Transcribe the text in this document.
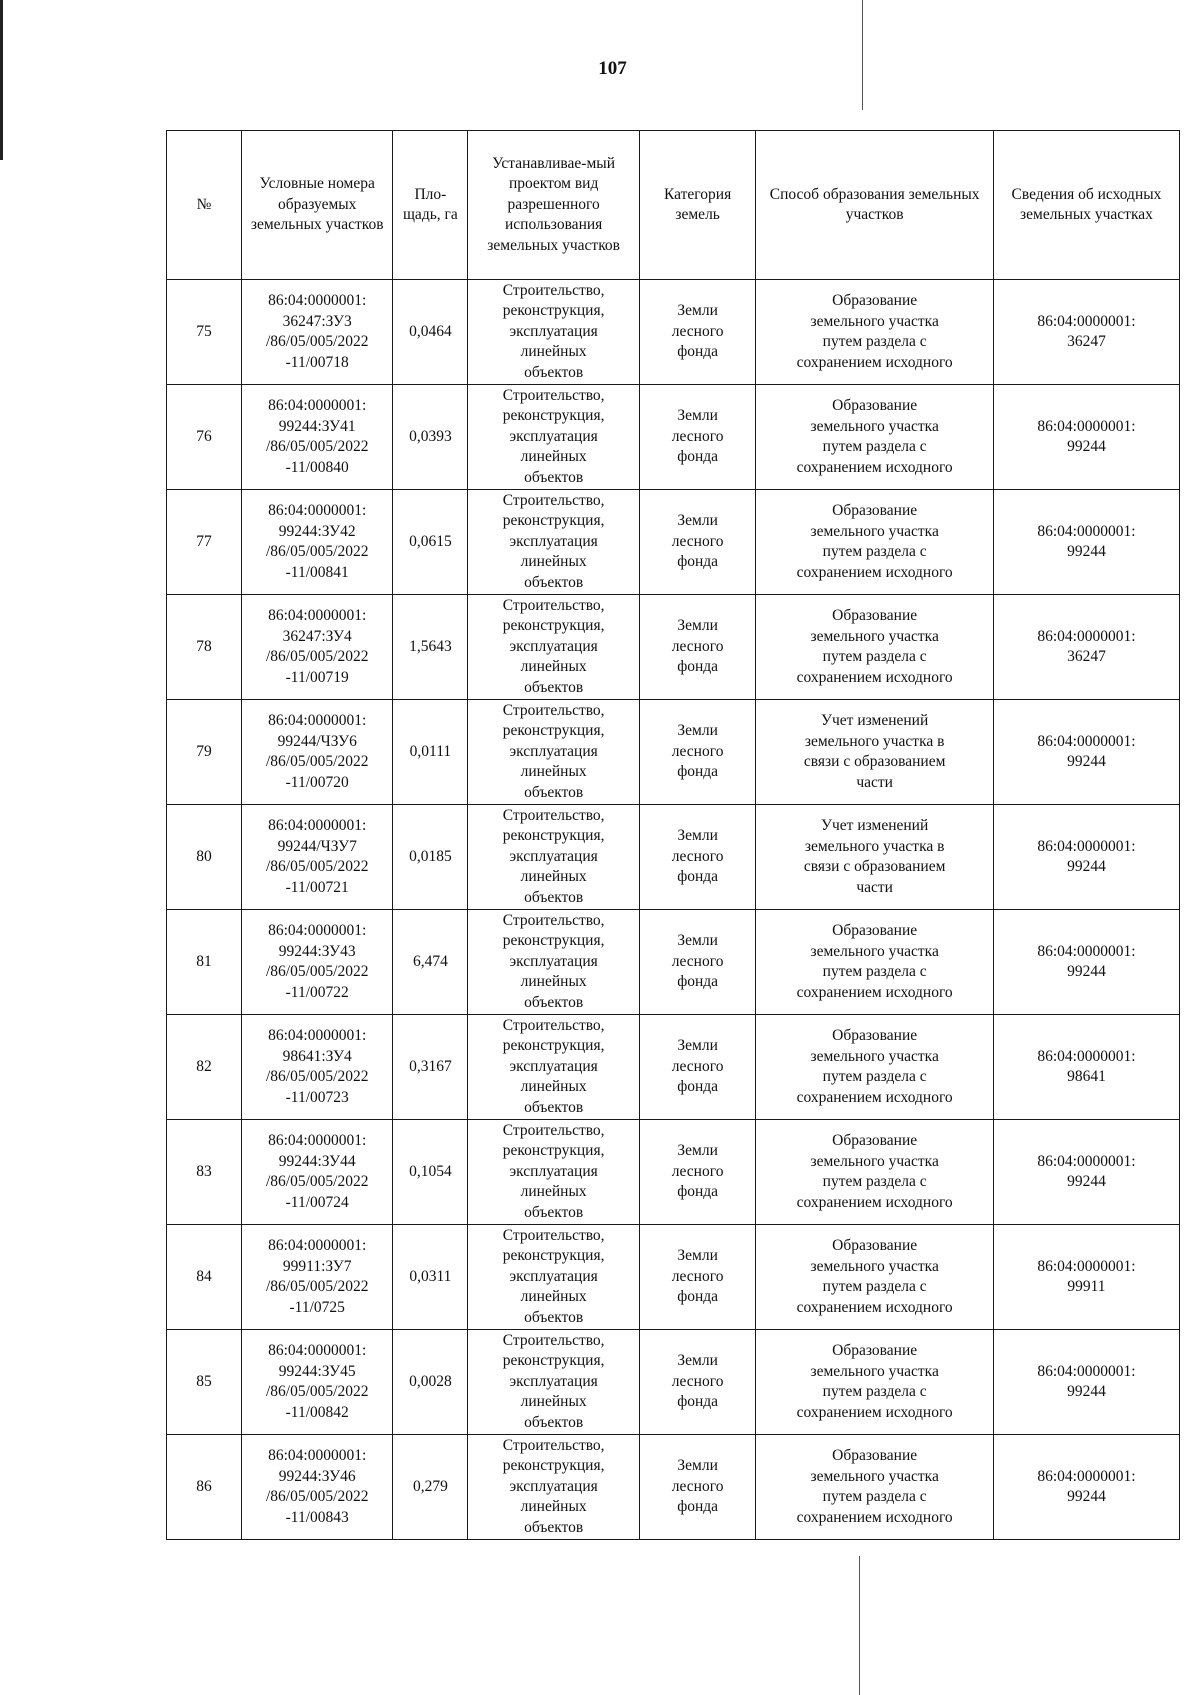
107
№	Условные номера образуемых земельных участков	Пло-щадь, га	Устанавливае-мый проектом вид разрешенного использования земельных участков	Категория земель	Способ образования земельных участков	Сведения об исходных земельных участках
75	86:04:0000001:
36247:ЗУ3
/86/05/005/2022
-11/00718	0,0464	Строительство,
реконструкция,
эксплуатация
линейных
объектов	Земли
лесного
фонда	Образование
земельного участка
путем раздела с
сохранением исходного	86:04:0000001:
36247
76	86:04:0000001:
99244:ЗУ41
/86/05/005/2022
-11/00840	0,0393	Строительство,
реконструкция,
эксплуатация
линейных
объектов	Земли
лесного
фонда	Образование
земельного участка
путем раздела с
сохранением исходного	86:04:0000001:
99244
77	86:04:0000001:
99244:ЗУ42
/86/05/005/2022
-11/00841	0,0615	Строительство,
реконструкция,
эксплуатация
линейных
объектов	Земли
лесного
фонда	Образование
земельного участка
путем раздела с
сохранением исходного	86:04:0000001:
99244
78	86:04:0000001:
36247:ЗУ4
/86/05/005/2022
-11/00719	1,5643	Строительство,
реконструкция,
эксплуатация
линейных
объектов	Земли
лесного
фонда	Образование
земельного участка
путем раздела с
сохранением исходного	86:04:0000001:
36247
79	86:04:0000001:
99244/ЧЗУ6
/86/05/005/2022
-11/00720	0,0111	Строительство,
реконструкция,
эксплуатация
линейных
объектов	Земли
лесного
фонда	Учет изменений
земельного участка в
связи с образованием
части	86:04:0000001:
99244
80	86:04:0000001:
99244/ЧЗУ7
/86/05/005/2022
-11/00721	0,0185	Строительство,
реконструкция,
эксплуатация
линейных
объектов	Земли
лесного
фонда	Учет изменений
земельного участка в
связи с образованием
части	86:04:0000001:
99244
81	86:04:0000001:
99244:ЗУ43
/86/05/005/2022
-11/00722	6,474	Строительство,
реконструкция,
эксплуатация
линейных
объектов	Земли
лесного
фонда	Образование
земельного участка
путем раздела с
сохранением исходного	86:04:0000001:
99244
82	86:04:0000001:
98641:ЗУ4
/86/05/005/2022
-11/00723	0,3167	Строительство,
реконструкция,
эксплуатация
линейных
объектов	Земли
лесного
фонда	Образование
земельного участка
путем раздела с
сохранением исходного	86:04:0000001:
98641
83	86:04:0000001:
99244:ЗУ44
/86/05/005/2022
-11/00724	0,1054	Строительство,
реконструкция,
эксплуатация
линейных
объектов	Земли
лесного
фонда	Образование
земельного участка
путем раздела с
сохранением исходного	86:04:0000001:
99244
84	86:04:0000001:
99911:ЗУ7
/86/05/005/2022
-11/0725	0,0311	Строительство,
реконструкция,
эксплуатация
линейных
объектов	Земли
лесного
фонда	Образование
земельного участка
путем раздела с
сохранением исходного	86:04:0000001:
99911
85	86:04:0000001:
99244:ЗУ45
/86/05/005/2022
-11/00842	0,0028	Строительство,
реконструкция,
эксплуатация
линейных
объектов	Земли
лесного
фонда	Образование
земельного участка
путем раздела с
сохранением исходного	86:04:0000001:
99244
86	86:04:0000001:
99244:ЗУ46
/86/05/005/2022
-11/00843	0,279	Строительство,
реконструкция,
эксплуатация
линейных
объектов	Земли
лесного
фонда	Образование
земельного участка
путем раздела с
сохранением исходного	86:04:0000001:
99244
